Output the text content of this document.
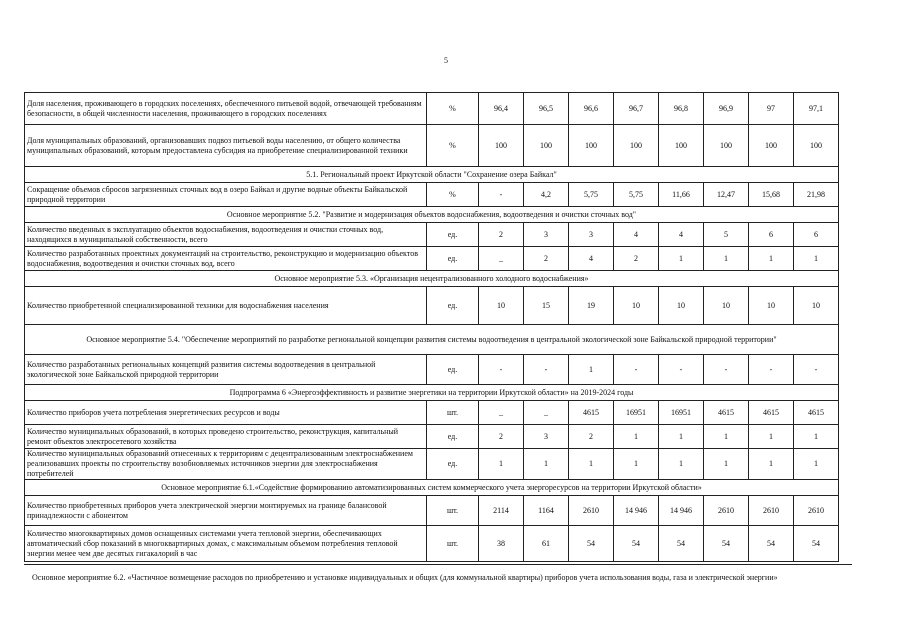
5
Доля населения, проживающего в городских поселениях, обеспеченного питьевой водой, отвечающей требованиям безопасности, в общей численности населения, проживающего в городских поселениях	%	96,4	96,5	96,6	96,7	96,8	96,9	97	97,1
Доля муниципальных образований, организовавших подвоз питьевой воды населению, от общего количества муниципальных образований, которым предоставлена субсидия на приобретение специализированной техники	%	100	100	100	100	100	100	100	100
5.1. Региональный проект Иркутской области "Сохранение озера Байкал"									
Сокращение объемов сбросов загрязненных сточных вод в озеро Байкал и другие водные объекты Байкальской природной территории	%	-	4,2	5,75	5,75	11,66	12,47	15,68	21,98
Основное мероприятие 5.2. "Развитие и модернизация объектов водоснабжения, водоотведения и очистки сточных вод"									
Количество введенных в эксплуатацию объектов водоснабжения, водоотведения и очистки сточных вод, находящихся в муниципальной собственности, всего	ед.	2	3	3	4	4	5	6	6
Количество разработанных проектных документаций на строительство, реконструкцию и модернизацию объектов водоснабжения, водоотведения и очистки сточных вод, всего	ед.	_	2	4	2	1	1	1	1
Основное мероприятие 5.3. «Организация нецентрализованного холодного водоснабжения»									
Количество приобретенной специализированной техники для водоснабжения населения	ед.	10	15	19	10	10	10	10	10
Основное мероприятие 5.4. "Обеспечение мероприятий по разработке региональной концепции развития системы водоотведения в центральной экологической зоне Байкальской природной территории"									
Количество разработанных региональных концепций развития системы водоотведения в центральной экологической зоне Байкальской природной территории	ед.	-	-	1	-	-	-	-	-
Подпрограмма 6 «Энергоэффективность и развитие энергетики на территории Иркутской области» на 2019-2024 годы									
Количество приборов учета потребления энергетических ресурсов и воды	шт.	_	_	4615	16951	16951	4615	4615	4615
Количество муниципальных образований, в которых проведено строительство, реконструкция, капитальный ремонт объектов электросетевого хозяйства	ед.	2	3	2	1	1	1	1	1
Количество муниципальных образований отнесенных к территориям с децентрализованным электроснабжением реализовавших проекты по строительству возобновляемых источников энергии для электроснабжения потребителей	ед.	1	1	1	1	1	1	1	1
Основное мероприятие 6.1.«Содействие формированию автоматизированных систем коммерческого учета энергоресурсов на территории Иркутской области»									
Количество приобретенных приборов учета электрической энергии монтируемых на границе балансовой принадлежности с абонентом	шт.	2114	1164	2610	14 946	14 946	2610	2610	2610
Количество многоквартирных домов оснащенных системами учета тепловой энергии, обеспечивающих автоматический сбор показаний в многоквартирных домах, с максимальным объемом потребления тепловой энергии менее чем две десятых гигакалорий в час	шт.	38	61	54	54	54	54	54	54
Основное мероприятие 6.2. «Частичное возмещение расходов по приобретению и установке индивидуальных и общих (для коммунальной квартиры) приборов учета использования воды, газа и электрической энергии»
